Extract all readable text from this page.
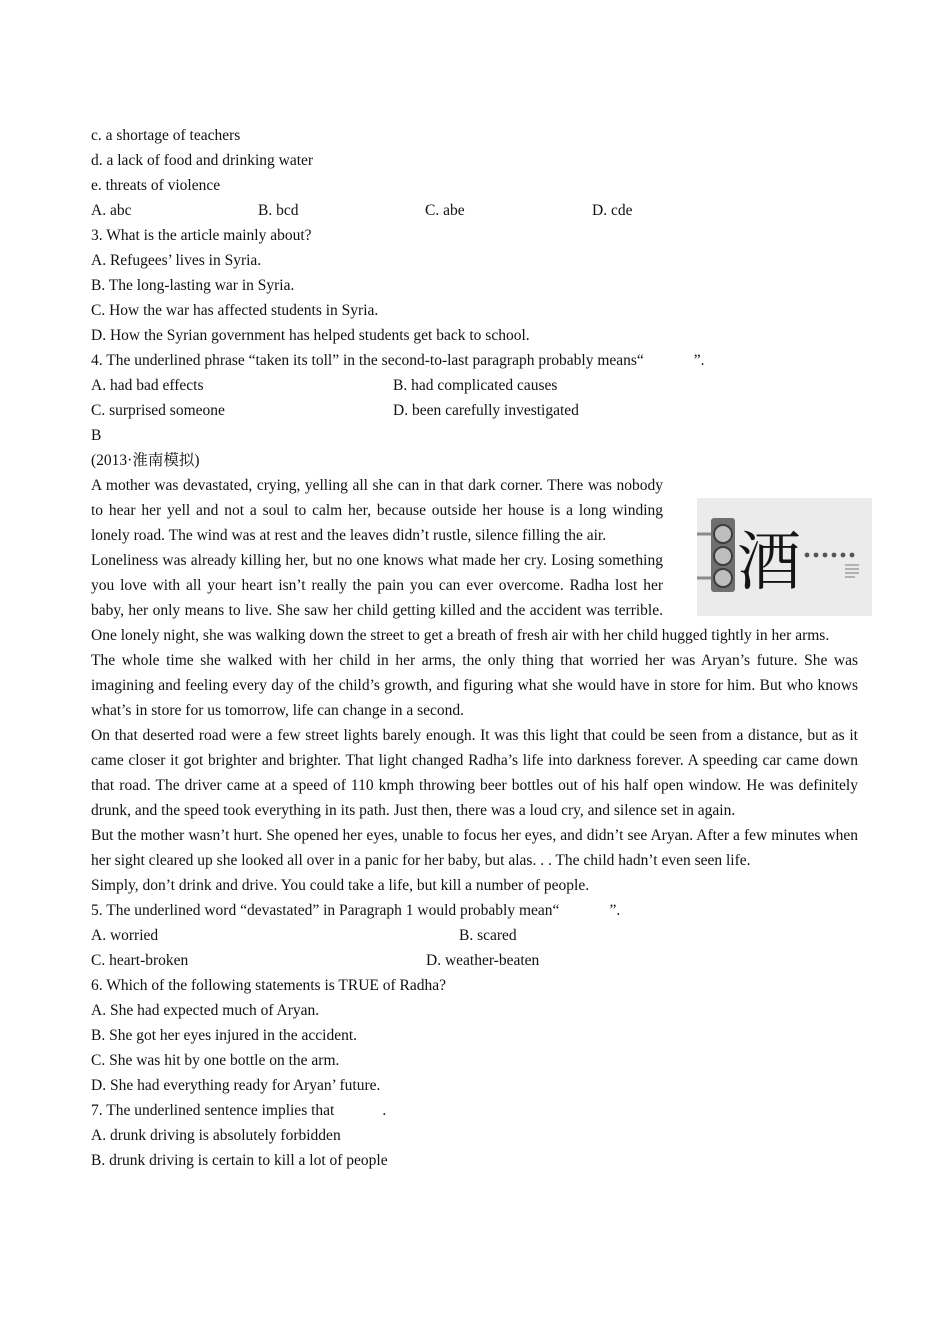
c. a shortage of teachers

d. a lack of food and drinking water

e. threats of violence

A. abc	B. bcd	C. abe	D. cde

3. What is the article mainly about?

A. Refugees’ lives in Syria.

B. The long-lasting war in Syria.

C. How the war has affected students in Syria.

D. How the Syrian government has helped students get back to school.

4. The underlined phrase “taken its toll” in the second-to-last paragraph probably means“	”.

A. had bad effects	B. had complicated causes
C. surprised someone	D. been carefully investigated

B

(2013·淮南模拟)

酒
A mother was devastated, crying, yelling all she can in that dark corner. There was nobody to hear her yell and not a soul to calm her, because outside her house is a long winding lonely road. The wind was at rest and the leaves didn’t rustle, silence filling the air.

Loneliness was already killing her, but no one knows what made her cry. Losing something you love with all your heart isn’t really the pain you can ever overcome. Radha lost her baby, her only means to live. She saw her child getting killed and the accident was terrible. One lonely night, she was walking down the street to get a breath of fresh air with her child hugged tightly in her arms.

The whole time she walked with her child in her arms, the only thing that worried her was Aryan’s future. She was imagining and feeling every day of the child’s growth, and figuring what she would have in store for him. But who knows what’s in store for us tomorrow, life can change in a second.

On that deserted road were a few street lights barely enough. It was this light that could be seen from a distance, but as it came closer it got brighter and brighter. That light changed Radha’s life into darkness forever. A speeding car came down that road. The driver came at a speed of 110 kmph throwing beer bottles out of his half open window. He was definitely drunk, and the speed took everything in its path. Just then, there was a loud cry, and silence set in again.

But the mother wasn’t hurt. She opened her eyes, unable to focus her eyes, and didn’t see Aryan. After a few minutes when her sight cleared up she looked all over in a panic for her baby, but alas. . . The child hadn’t even seen life.

Simply, don’t drink and drive. You could take a life, but kill a number of people.

5. The underlined word “devastated” in Paragraph 1 would probably mean“	”.

A. worried	B. scared
C. heart-broken	D. weather-beaten

6. Which of the following statements is TRUE of Radha?

A. She had expected much of Aryan.

B. She got her eyes injured in the accident.

C. She was hit by one bottle on the arm.

D. She had everything ready for Aryan’ future.

7. The underlined sentence implies that	.

A. drunk driving is absolutely forbidden

B. drunk driving is certain to kill a lot of people
